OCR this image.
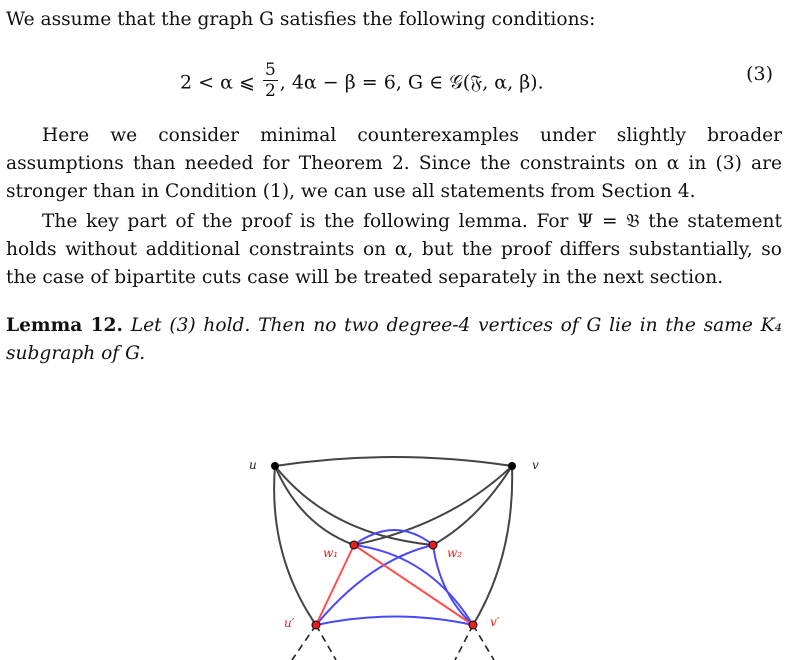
We assume that the graph G satisfies the following conditions:
2 < α ⩽ $\frac{5}{2}$ , 4α − β = 6, G ∈ 𝒢(𝔉, α, β).	(3)
Here we consider minimal counterexamples under slightly broader assumptions than needed for Theorem 2. Since the constraints on α in (3) are stronger than in Condition (1), we can use all statements from Section 4.
The key part of the proof is the following lemma. For Ψ = 𝔅 the statement holds without additional constraints on α, but the proof differs substantially, so the case of bipartite cuts case will be treated separately in the next section.
Lemma 12. Let (3) hold. Then no two degree-4 vertices of G lie in the same K₄ subgraph of G.
u	v
w₁	w₂
u′	v′
